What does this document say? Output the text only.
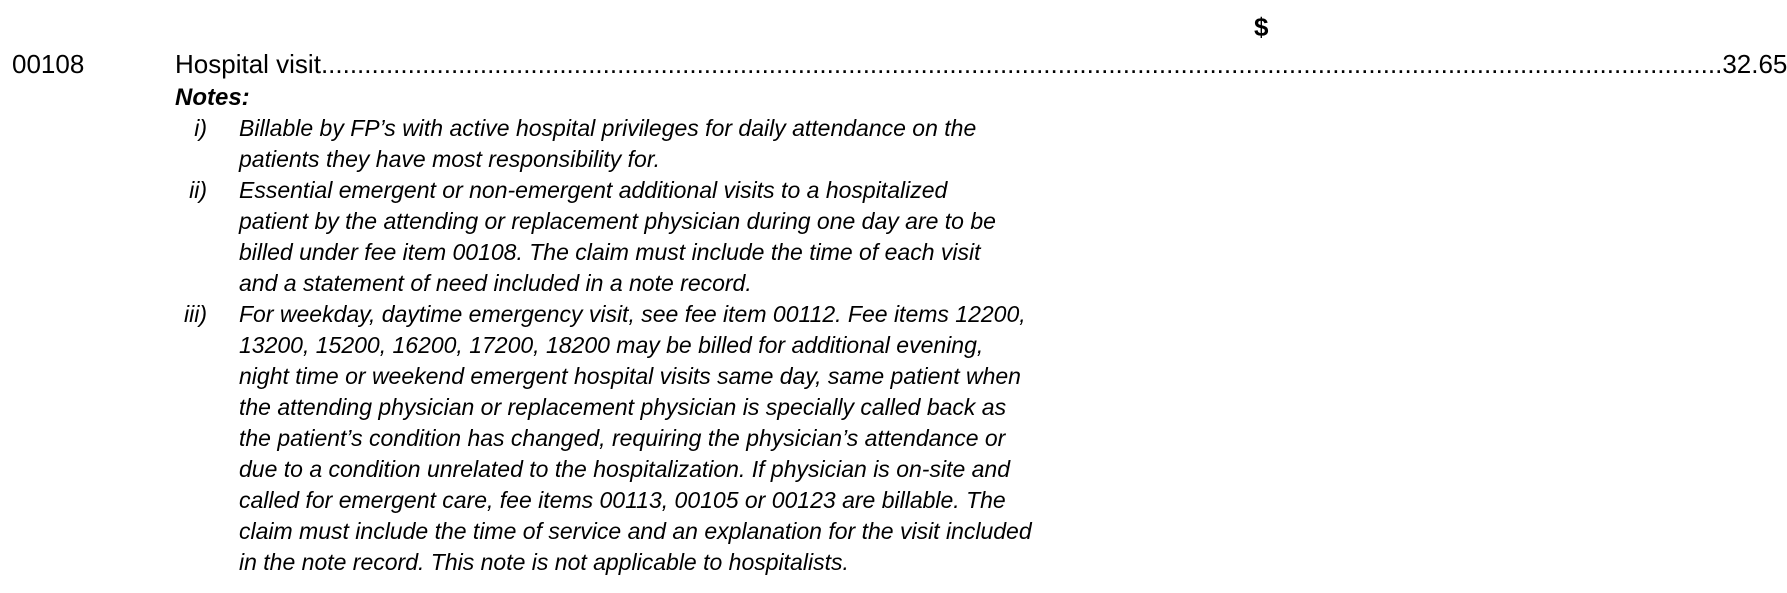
$
00108	Hospital visit .................................................................................................................................................................................................. 32.65
Notes:
i) Billable by FP’s with active hospital privileges for daily attendance on the
patients they have most responsibility for.
ii) Essential emergent or non-emergent additional visits to a hospitalized
patient by the attending or replacement physician during one day are to be
billed under fee item 00108. The claim must include the time of each visit
and a statement of need included in a note record.
iii) For weekday, daytime emergency visit, see fee item 00112. Fee items 12200,
13200, 15200, 16200, 17200, 18200 may be billed for additional evening,
night time or weekend emergent hospital visits same day, same patient when
the attending physician or replacement physician is specially called back as
the patient’s condition has changed, requiring the physician’s attendance or
due to a condition unrelated to the hospitalization. If physician is on-site and
called for emergent care, fee items 00113, 00105 or 00123 are billable. The
claim must include the time of service and an explanation for the visit included
in the note record. This note is not applicable to hospitalists.
